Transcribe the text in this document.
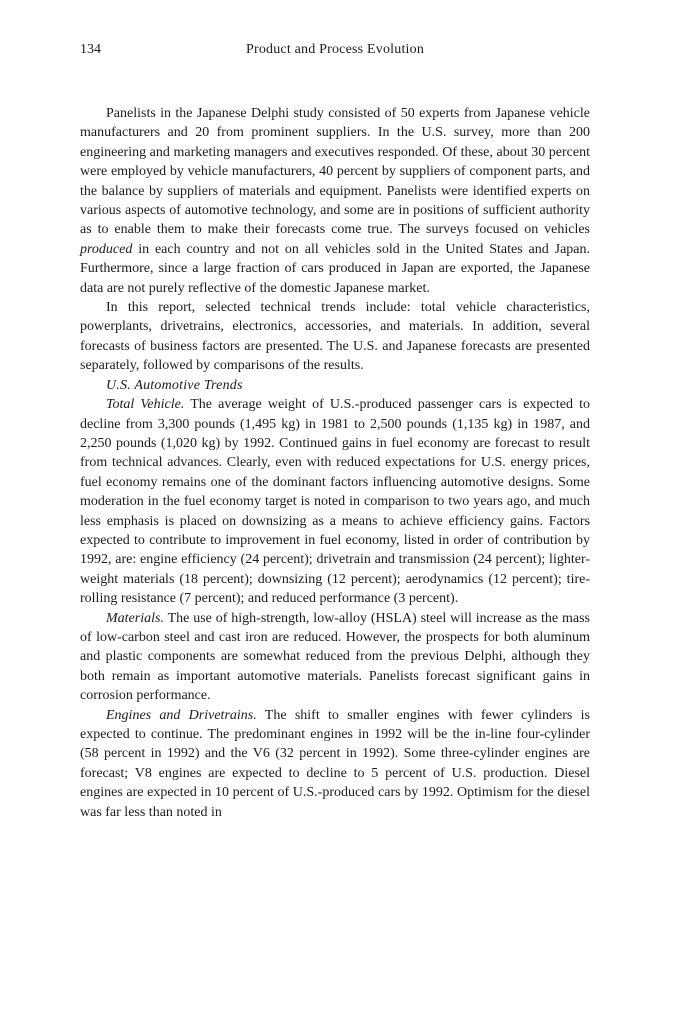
134	Product and Process Evolution

Panelists in the Japanese Delphi study consisted of 50 experts from Japanese vehicle manufacturers and 20 from prominent suppliers. In the U.S. survey, more than 200 engineering and marketing managers and executives responded. Of these, about 30 percent were employed by vehicle manufacturers, 40 percent by suppliers of component parts, and the balance by suppliers of materials and equipment. Panelists were identified experts on various aspects of automotive technology, and some are in positions of sufficient authority as to enable them to make their forecasts come true. The surveys focused on vehicles produced in each country and not on all vehicles sold in the United States and Japan. Furthermore, since a large fraction of cars produced in Japan are exported, the Japanese data are not purely reflective of the domestic Japanese market.

In this report, selected technical trends include: total vehicle characteristics, powerplants, drivetrains, electronics, accessories, and materials. In addition, several forecasts of business factors are presented. The U.S. and Japanese forecasts are presented separately, followed by comparisons of the results.

U.S. Automotive Trends

Total Vehicle. The average weight of U.S.-produced passenger cars is expected to decline from 3,300 pounds (1,495 kg) in 1981 to 2,500 pounds (1,135 kg) in 1987, and 2,250 pounds (1,020 kg) by 1992. Continued gains in fuel economy are forecast to result from technical advances. Clearly, even with reduced expectations for U.S. energy prices, fuel economy remains one of the dominant factors influencing automotive designs. Some moderation in the fuel economy target is noted in comparison to two years ago, and much less emphasis is placed on downsizing as a means to achieve efficiency gains. Factors expected to contribute to improvement in fuel economy, listed in order of contribution by 1992, are: engine efficiency (24 percent); drivetrain and transmission (24 percent); lighter-weight materials (18 percent); downsizing (12 percent); aerodynamics (12 percent); tire-rolling resistance (7 percent); and reduced performance (3 percent).

Materials. The use of high-strength, low-alloy (HSLA) steel will increase as the mass of low-carbon steel and cast iron are reduced. However, the prospects for both aluminum and plastic components are somewhat reduced from the previous Delphi, although they both remain as important automotive materials. Panelists forecast significant gains in corrosion performance.

Engines and Drivetrains. The shift to smaller engines with fewer cylinders is expected to continue. The predominant engines in 1992 will be the in-line four-cylinder (58 percent in 1992) and the V6 (32 percent in 1992). Some three-cylinder engines are forecast; V8 engines are expected to decline to 5 percent of U.S. production. Diesel engines are expected in 10 percent of U.S.-produced cars by 1992. Optimism for the diesel was far less than noted in
